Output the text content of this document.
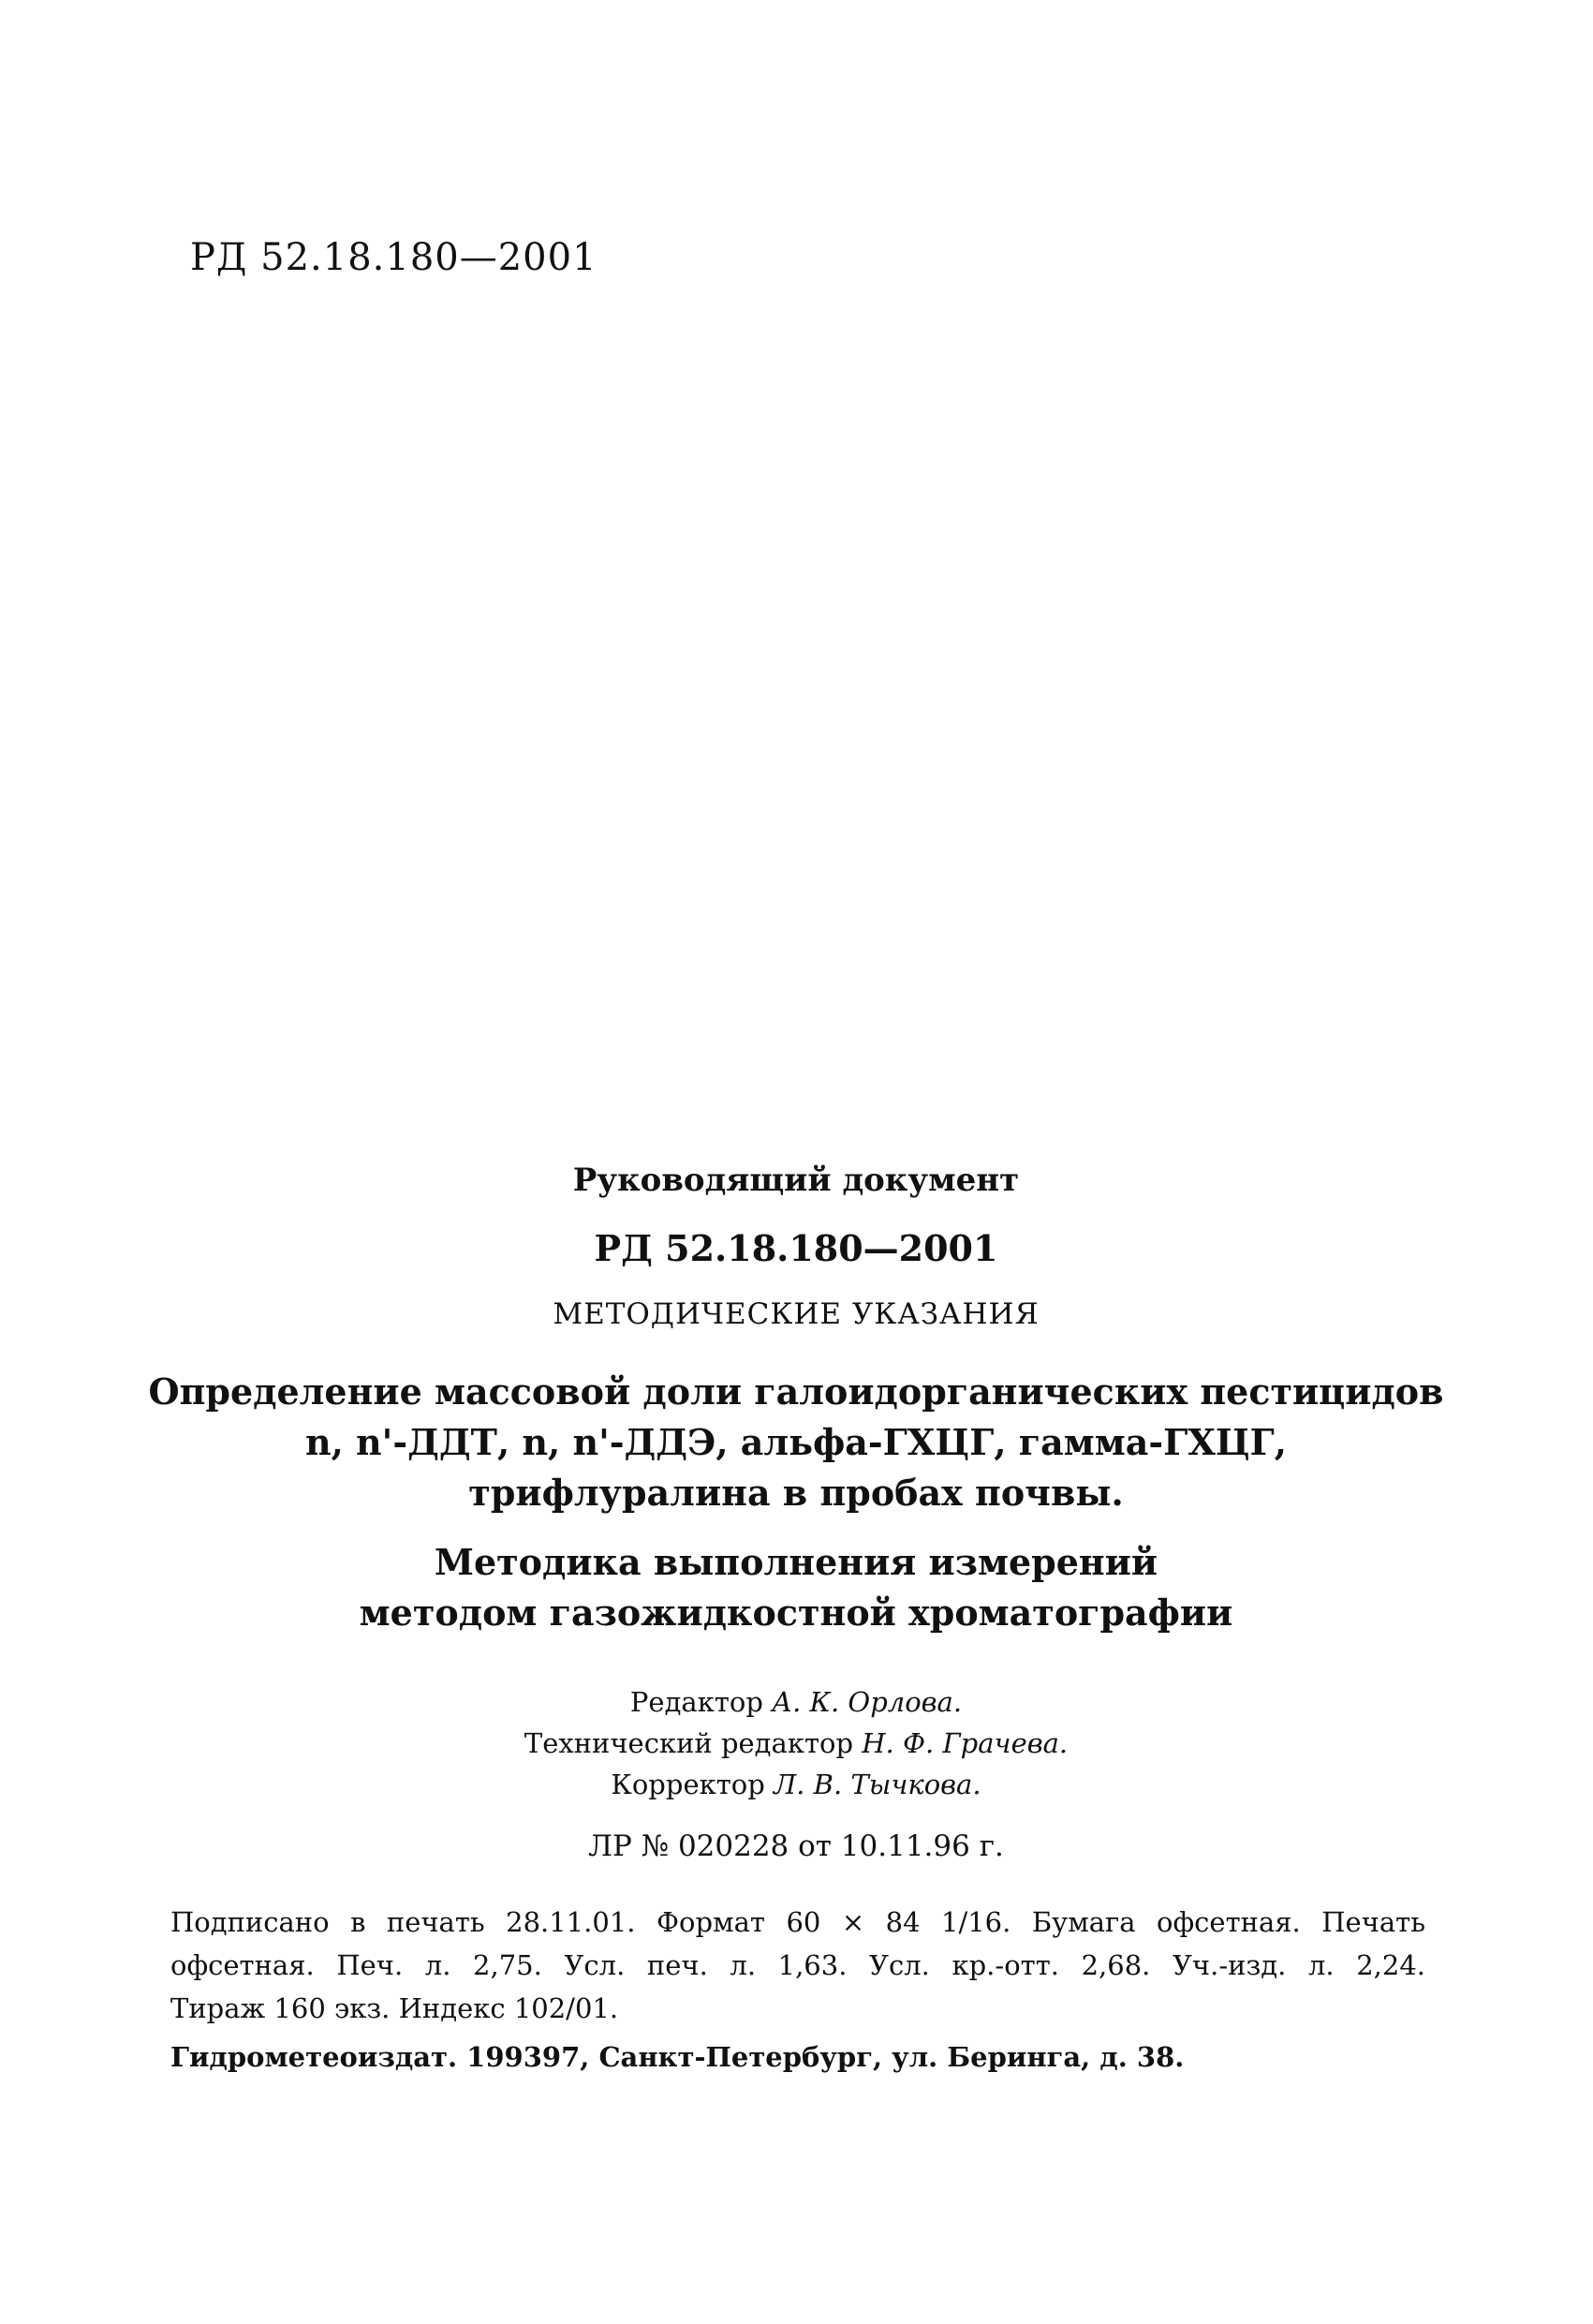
РД 52.18.180—2001
Руководящий документ
РД 52.18.180—2001
МЕТОДИЧЕСКИЕ УКАЗАНИЯ
Определение массовой доли галоидорганических пестицидов
n, n'-ДДТ, n, n'-ДДЭ, альфа-ГХЦГ, гамма-ГХЦГ,
трифлуралина в пробах почвы.
Методика выполнения измерений
методом газожидкостной хроматографии
Редактор А. К. Орлова.
Технический редактор Н. Ф. Грачева.
Корректор Л. В. Тычкова.
ЛР № 020228 от 10.11.96 г.
Подписано в печать 28.11.01. Формат 60 × 84 1/16. Бумага офсетная. Печать
офсетная. Печ. л. 2,75. Усл. печ. л. 1,63. Усл. кр.-отт. 2,68. Уч.-изд. л. 2,24.
Тираж 160 экз. Индекс 102/01.
Гидрометеоиздат. 199397, Санкт-Петербург, ул. Беринга, д. 38.
